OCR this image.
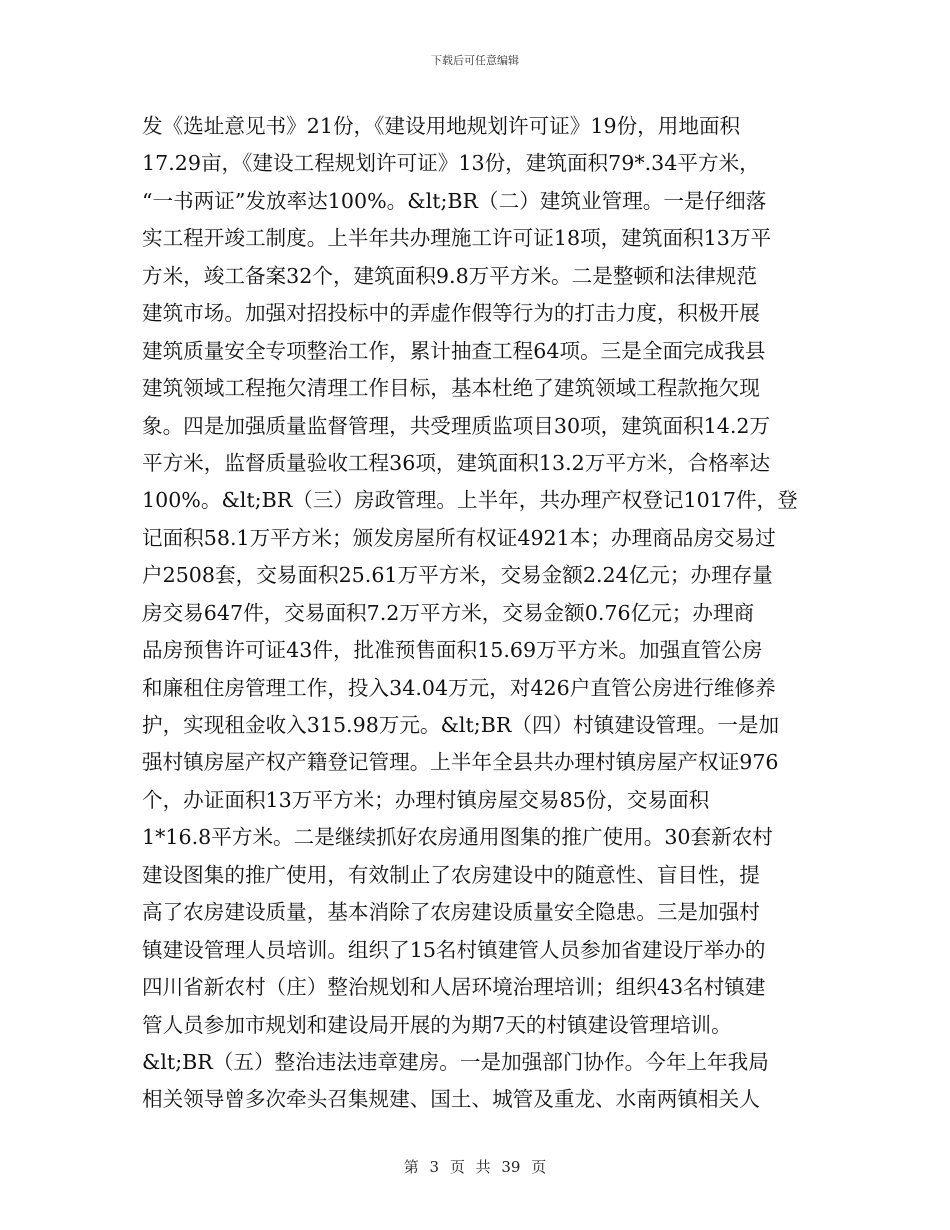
下载后可任意编辑
发《选址意见书》21份，《建设用地规划许可证》19份，用地面积
17.29亩，《建设工程规划许可证》13份，建筑面积79*.34平方米，
“一书两证”发放率达100%。&lt;BR（二）建筑业管理。一是仔细落
实工程开竣工制度。上半年共办理施工许可证18项，建筑面积13万平
方米，竣工备案32个，建筑面积9.8万平方米。二是整顿和法律规范
建筑市场。加强对招投标中的弄虚作假等行为的打击力度，积极开展
建筑质量安全专项整治工作，累计抽查工程64项。三是全面完成我县
建筑领域工程拖欠清理工作目标，基本杜绝了建筑领域工程款拖欠现
象。四是加强质量监督管理，共受理质监项目30项，建筑面积14.2万
平方米，监督质量验收工程36项，建筑面积13.2万平方米，合格率达
100%。&lt;BR（三）房政管理。上半年，共办理产权登记1017件，登
记面积58.1万平方米；颁发房屋所有权证4921本；办理商品房交易过
户2508套，交易面积25.61万平方米，交易金额2.24亿元；办理存量
房交易647件，交易面积7.2万平方米，交易金额0.76亿元；办理商
品房预售许可证43件，批准预售面积15.69万平方米。加强直管公房
和廉租住房管理工作，投入34.04万元，对426户直管公房进行维修养
护，实现租金收入315.98万元。&lt;BR（四）村镇建设管理。一是加
强村镇房屋产权产籍登记管理。上半年全县共办理村镇房屋产权证976
个，办证面积13万平方米；办理村镇房屋交易85份，交易面积
1*16.8平方米。二是继续抓好农房通用图集的推广使用。30套新农村
建设图集的推广使用，有效制止了农房建设中的随意性、盲目性，提
高了农房建设质量，基本消除了农房建设质量安全隐患。三是加强村
镇建设管理人员培训。组织了15名村镇建管人员参加省建设厅举办的
四川省新农村（庄）整治规划和人居环境治理培训；组织43名村镇建
管人员参加市规划和建设局开展的为期7天的村镇建设管理培训。
&lt;BR（五）整治违法违章建房。一是加强部门协作。今年上年我局
相关领导曾多次牵头召集规建、国土、城管及重龙、水南两镇相关人
第 3 页 共 39 页
